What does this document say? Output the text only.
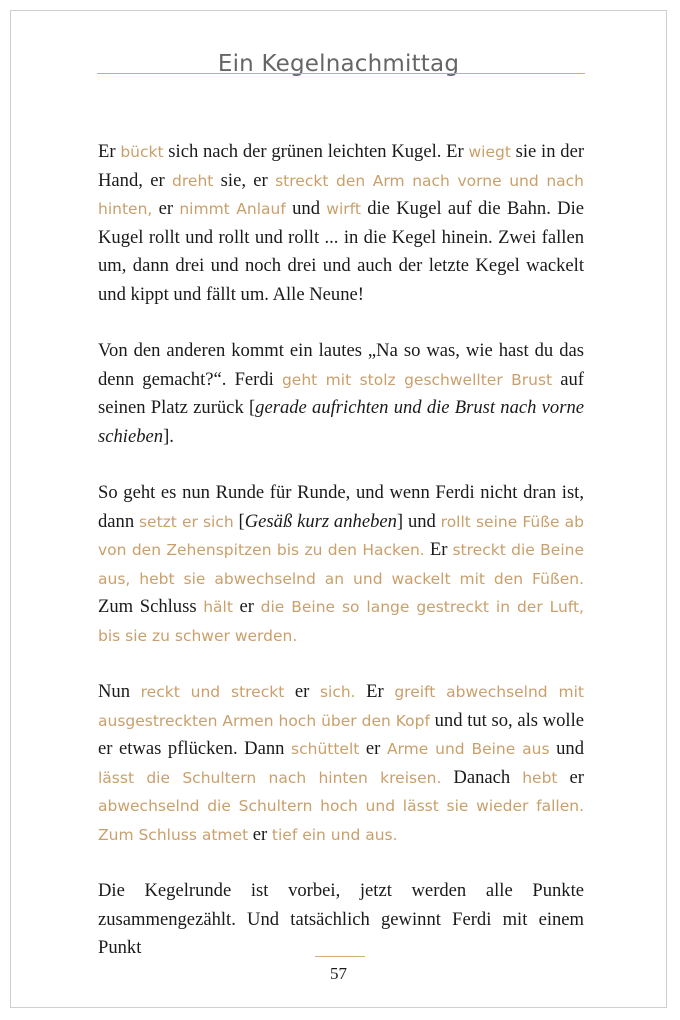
Ein Kegelnachmittag

Er bückt sich nach der grünen leichten Kugel. Er wiegt sie in der Hand, er dreht sie, er streckt den Arm nach vorne und nach hinten, er nimmt Anlauf und wirft die Kugel auf die Bahn. Die Kugel rollt und rollt und rollt ... in die Kegel hinein. Zwei fallen um, dann drei und noch drei und auch der letzte Kegel wackelt und kippt und fällt um. Alle Neune!

Von den anderen kommt ein lautes „Na so was, wie hast du das denn gemacht?“. Ferdi geht mit stolz geschwellter Brust auf seinen Platz zurück [gerade aufrichten und die Brust nach vorne schieben].

So geht es nun Runde für Runde, und wenn Ferdi nicht dran ist, dann setzt er sich [Gesäß kurz anheben] und rollt seine Füße ab von den Zehenspitzen bis zu den Hacken. Er streckt die Beine aus, hebt sie abwechselnd an und wackelt mit den Füßen. Zum Schluss hält er die Beine so lange gestreckt in der Luft, bis sie zu schwer werden.

Nun reckt und streckt er sich. Er greift abwechselnd mit ausgestreckten Armen hoch über den Kopf und tut so, als wolle er etwas pflücken. Dann schüttelt er Arme und Beine aus und lässt die Schultern nach hinten kreisen. Danach hebt er abwechselnd die Schultern hoch und lässt sie wieder fallen. Zum Schluss atmet er tief ein und aus.

Die Kegelrunde ist vorbei, jetzt werden alle Punkte zusammengezählt. Und tatsächlich gewinnt Ferdi mit einem Punkt

57
